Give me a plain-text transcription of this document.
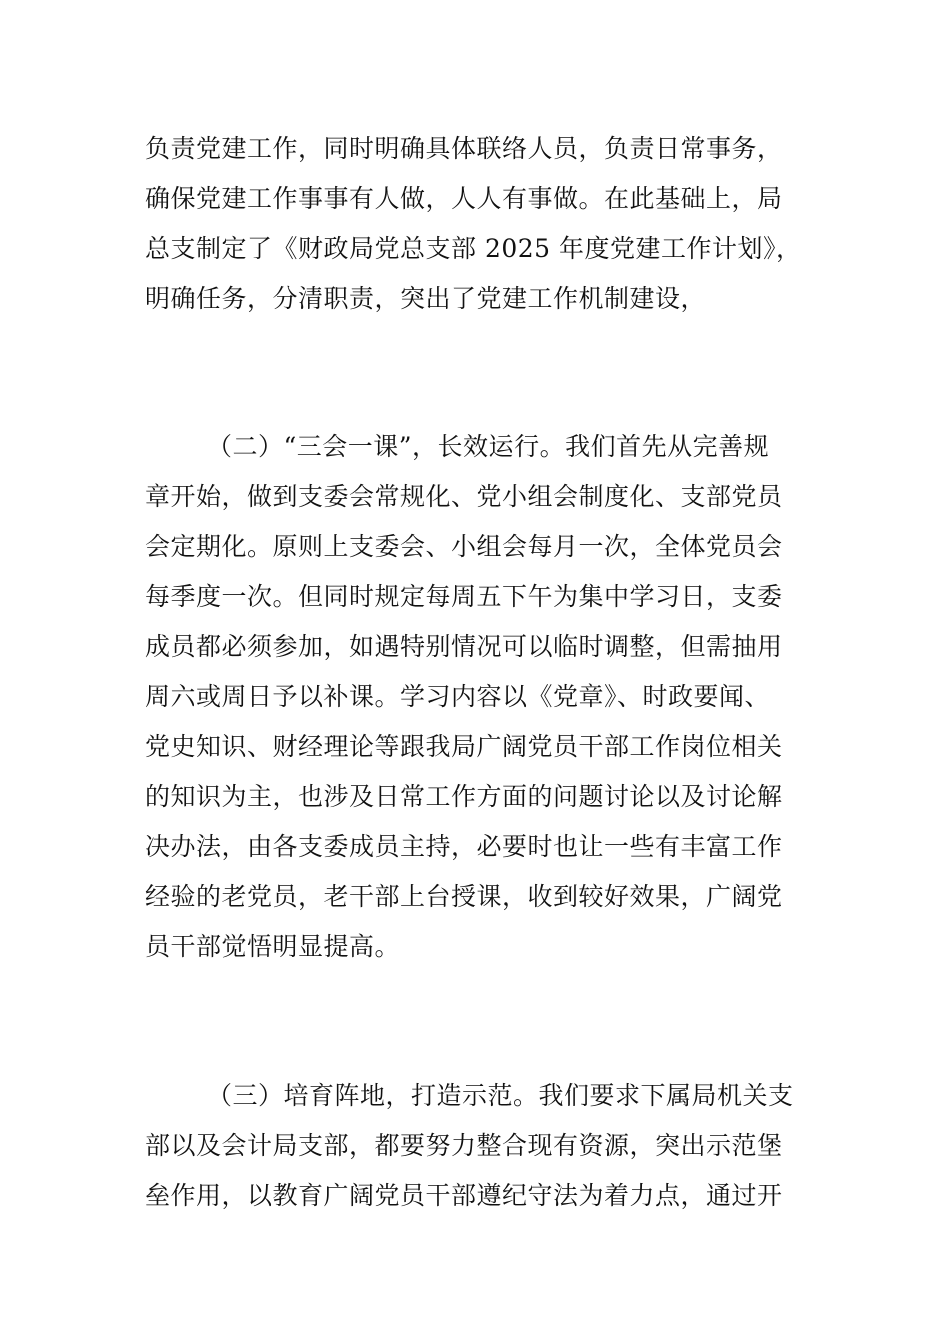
负责党建工作，同时明确具体联络人员，负责日常事务，
确保党建工作事事有人做，人人有事做。在此基础上，局
总支制定了《财政局党总支部 2025 年度党建工作计划》，
明确任务，分清职责，突出了党建工作机制建设，
（二）“三会一课”，长效运行。我们首先从完善规
章开始，做到支委会常规化、党小组会制度化、支部党员
会定期化。原则上支委会、小组会每月一次，全体党员会
每季度一次。但同时规定每周五下午为集中学习日，支委
成员都必须参加，如遇特别情况可以临时调整，但需抽用
周六或周日予以补课。学习内容以《党章》、时政要闻、
党史知识、财经理论等跟我局广阔党员干部工作岗位相关
的知识为主，也涉及日常工作方面的问题讨论以及讨论解
决办法，由各支委成员主持，必要时也让一些有丰富工作
经验的老党员，老干部上台授课，收到较好效果，广阔党
员干部觉悟明显提高。
（三）培育阵地，打造示范。我们要求下属局机关支
部以及会计局支部，都要努力整合现有资源，突出示范堡
垒作用，以教育广阔党员干部遵纪守法为着力点，通过开
